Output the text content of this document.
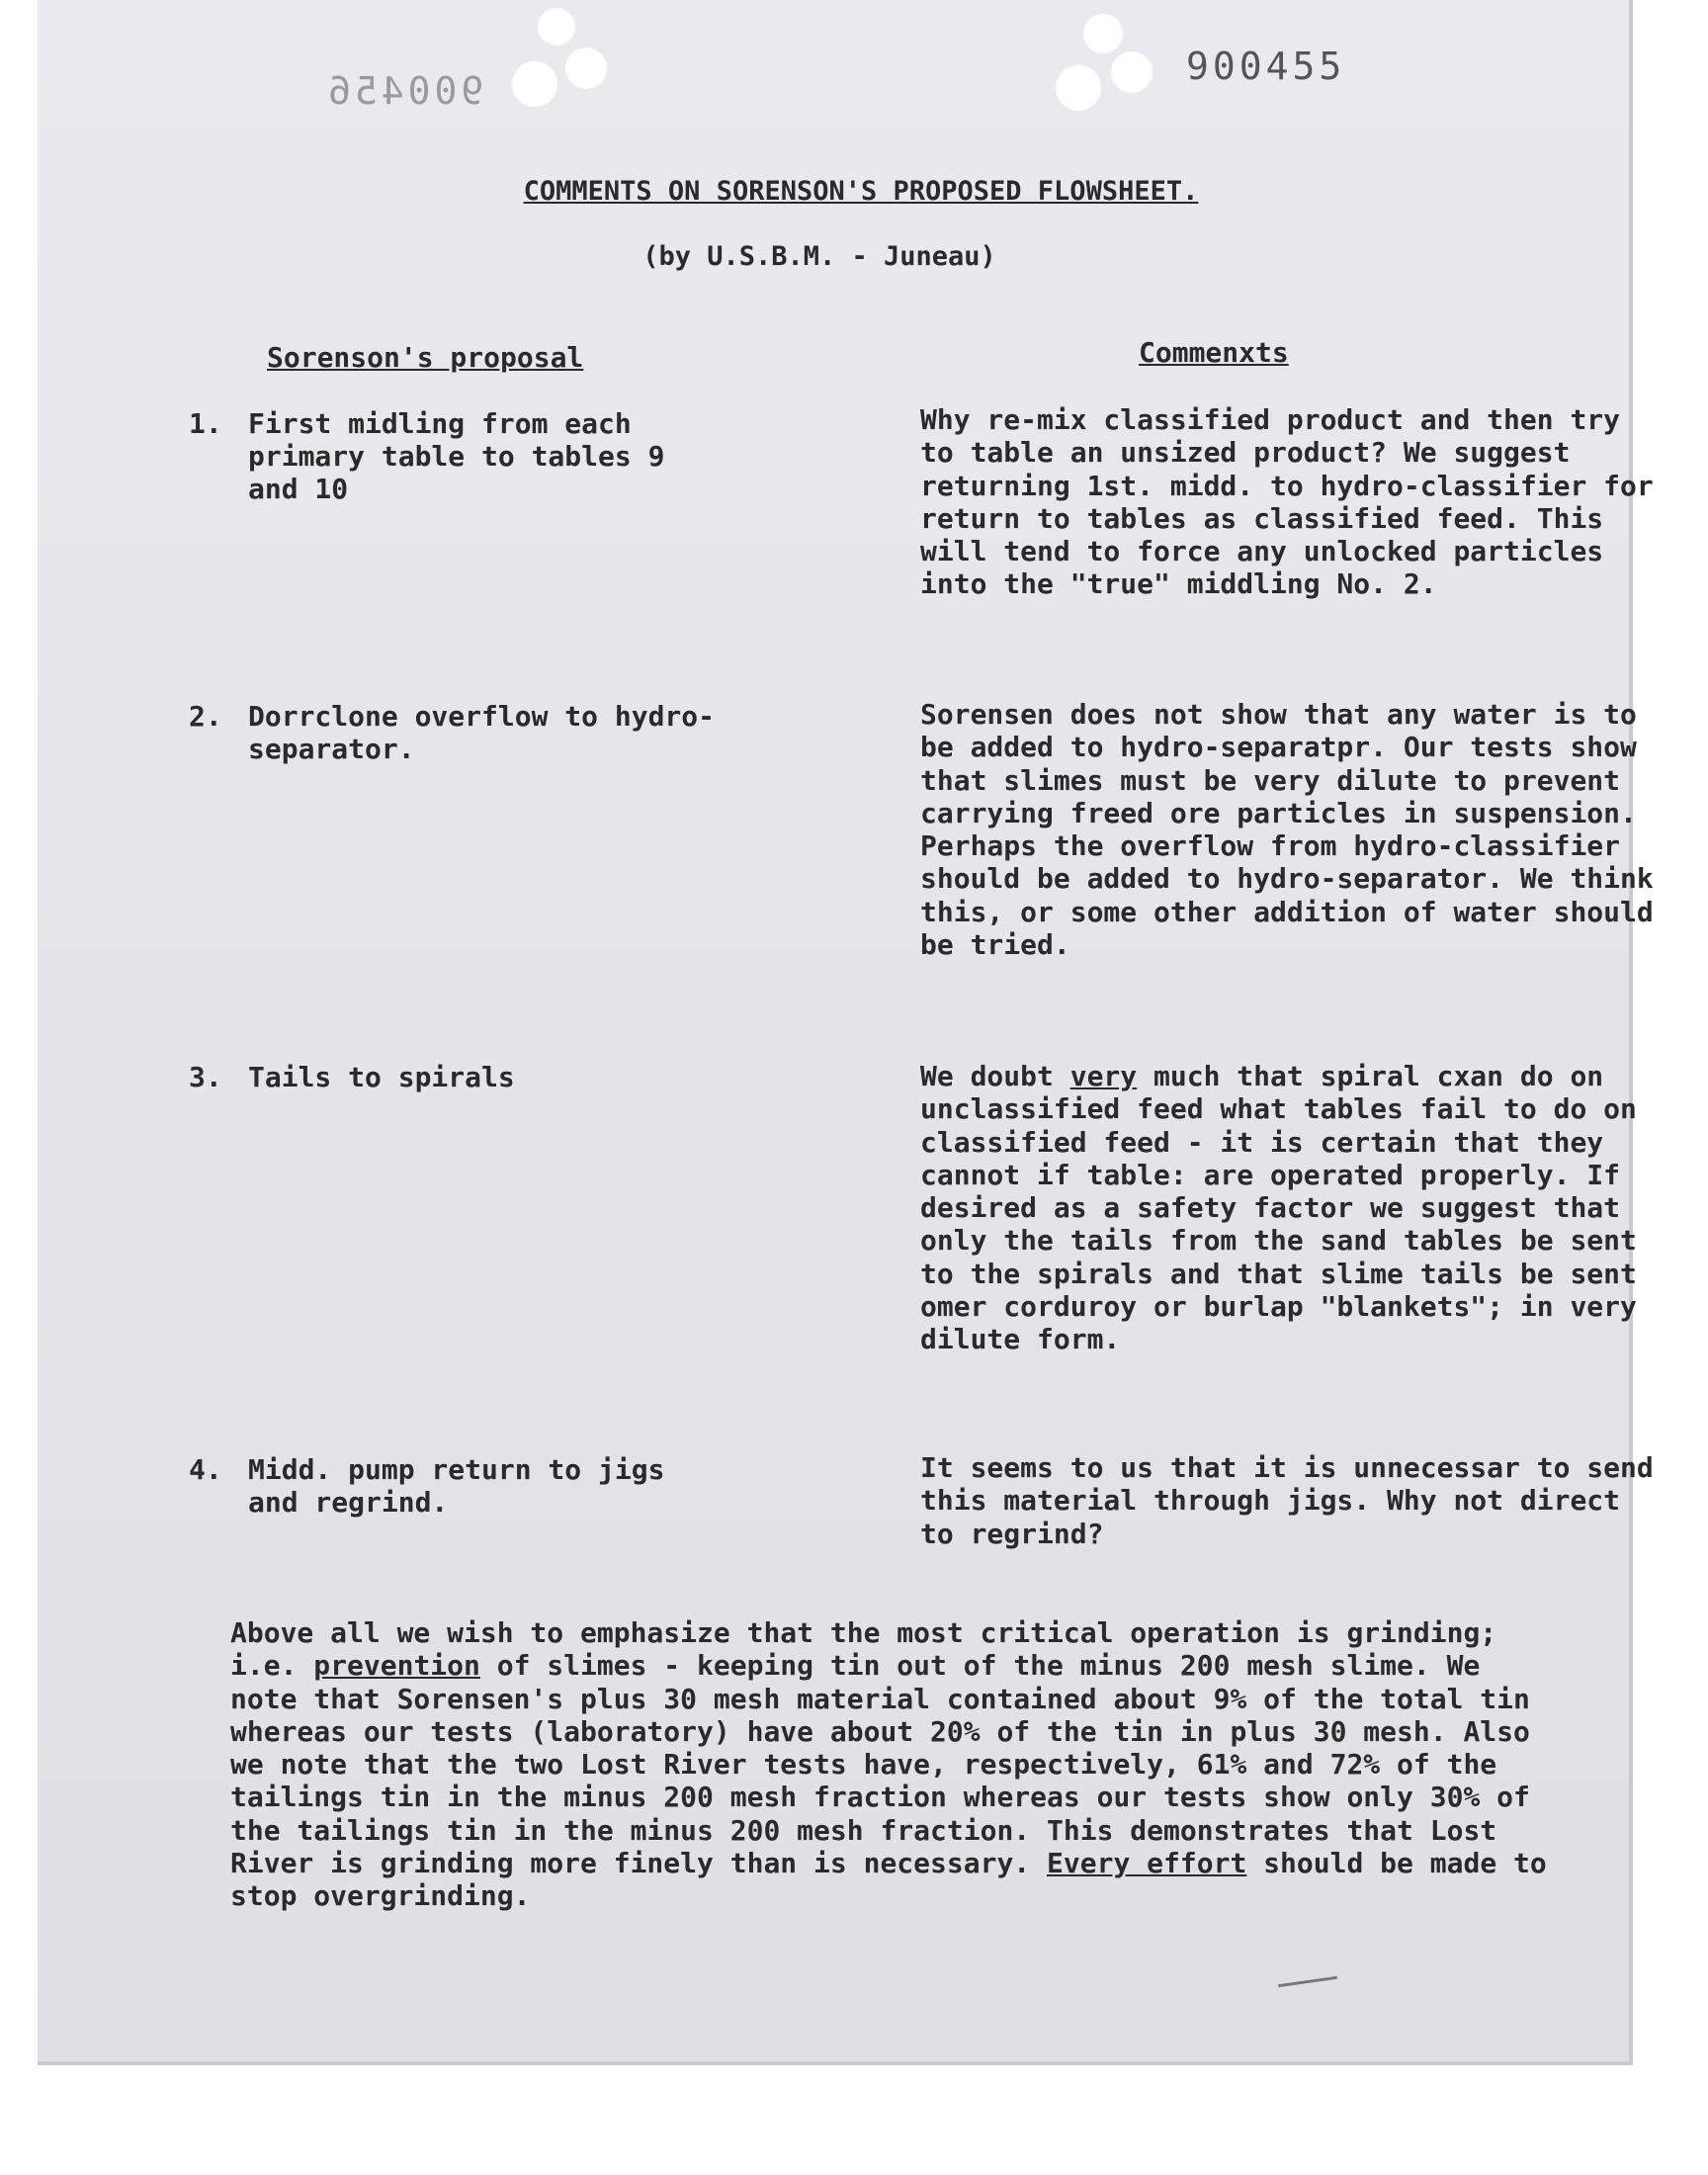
900456
900455
COMMENTS ON SORENSON'S PROPOSED FLOWSHEET.
(by U.S.B.M. - Juneau)
Sorenson's proposal	Commenxts
1. First midling from each primary table to tables 9 and 10
Why re-mix classified product and then try to table an unsized product? We suggest returning 1st. midd. to hydro-classifier for return to tables as classified feed. This will tend to force any unlocked particles into the "true" middling No. 2.
2. Dorrclone overflow to hydro-separator.
Sorensen does not show that any water is to be added to hydro-separatpr. Our tests show that slimes must be very dilute to prevent carrying freed ore particles in suspension. Perhaps the overflow from hydro-classifier should be added to hydro-separator. We think this, or some other addition of water should be tried.
3. Tails to spirals	We doubt very much that spiral cxan do on unclassified feed what tables fail to do on classified feed - it is certain that they cannot if table: are operated properly. If desired as a safety factor we suggest that only the tails from the sand tables be sent to the spirals and that slime tails be sent omer corduroy or burlap "blankets"; in very dilute form.
4. Midd. pump return to jigs and regrind.
It seems to us that it is unnecessar to send this material through jigs. Why not direct to regrind?
Above all we wish to emphasize that the most critical operation is grinding; i.e. prevention of slimes - keeping tin out of the minus 200 mesh slime. We note that Sorensen's plus 30 mesh material contained about 9% of the total tin whereas our tests (laboratory) have about 20% of the tin in plus 30 mesh. Also we note that the two Lost River tests have, respectively, 61% and 72% of the tailings tin in the minus 200 mesh fraction whereas our tests show only 30% of the tailings tin in the minus 200 mesh fraction. This demonstrates that Lost River is grinding more finely than is necessary. Every effort should be made to stop overgrinding.
